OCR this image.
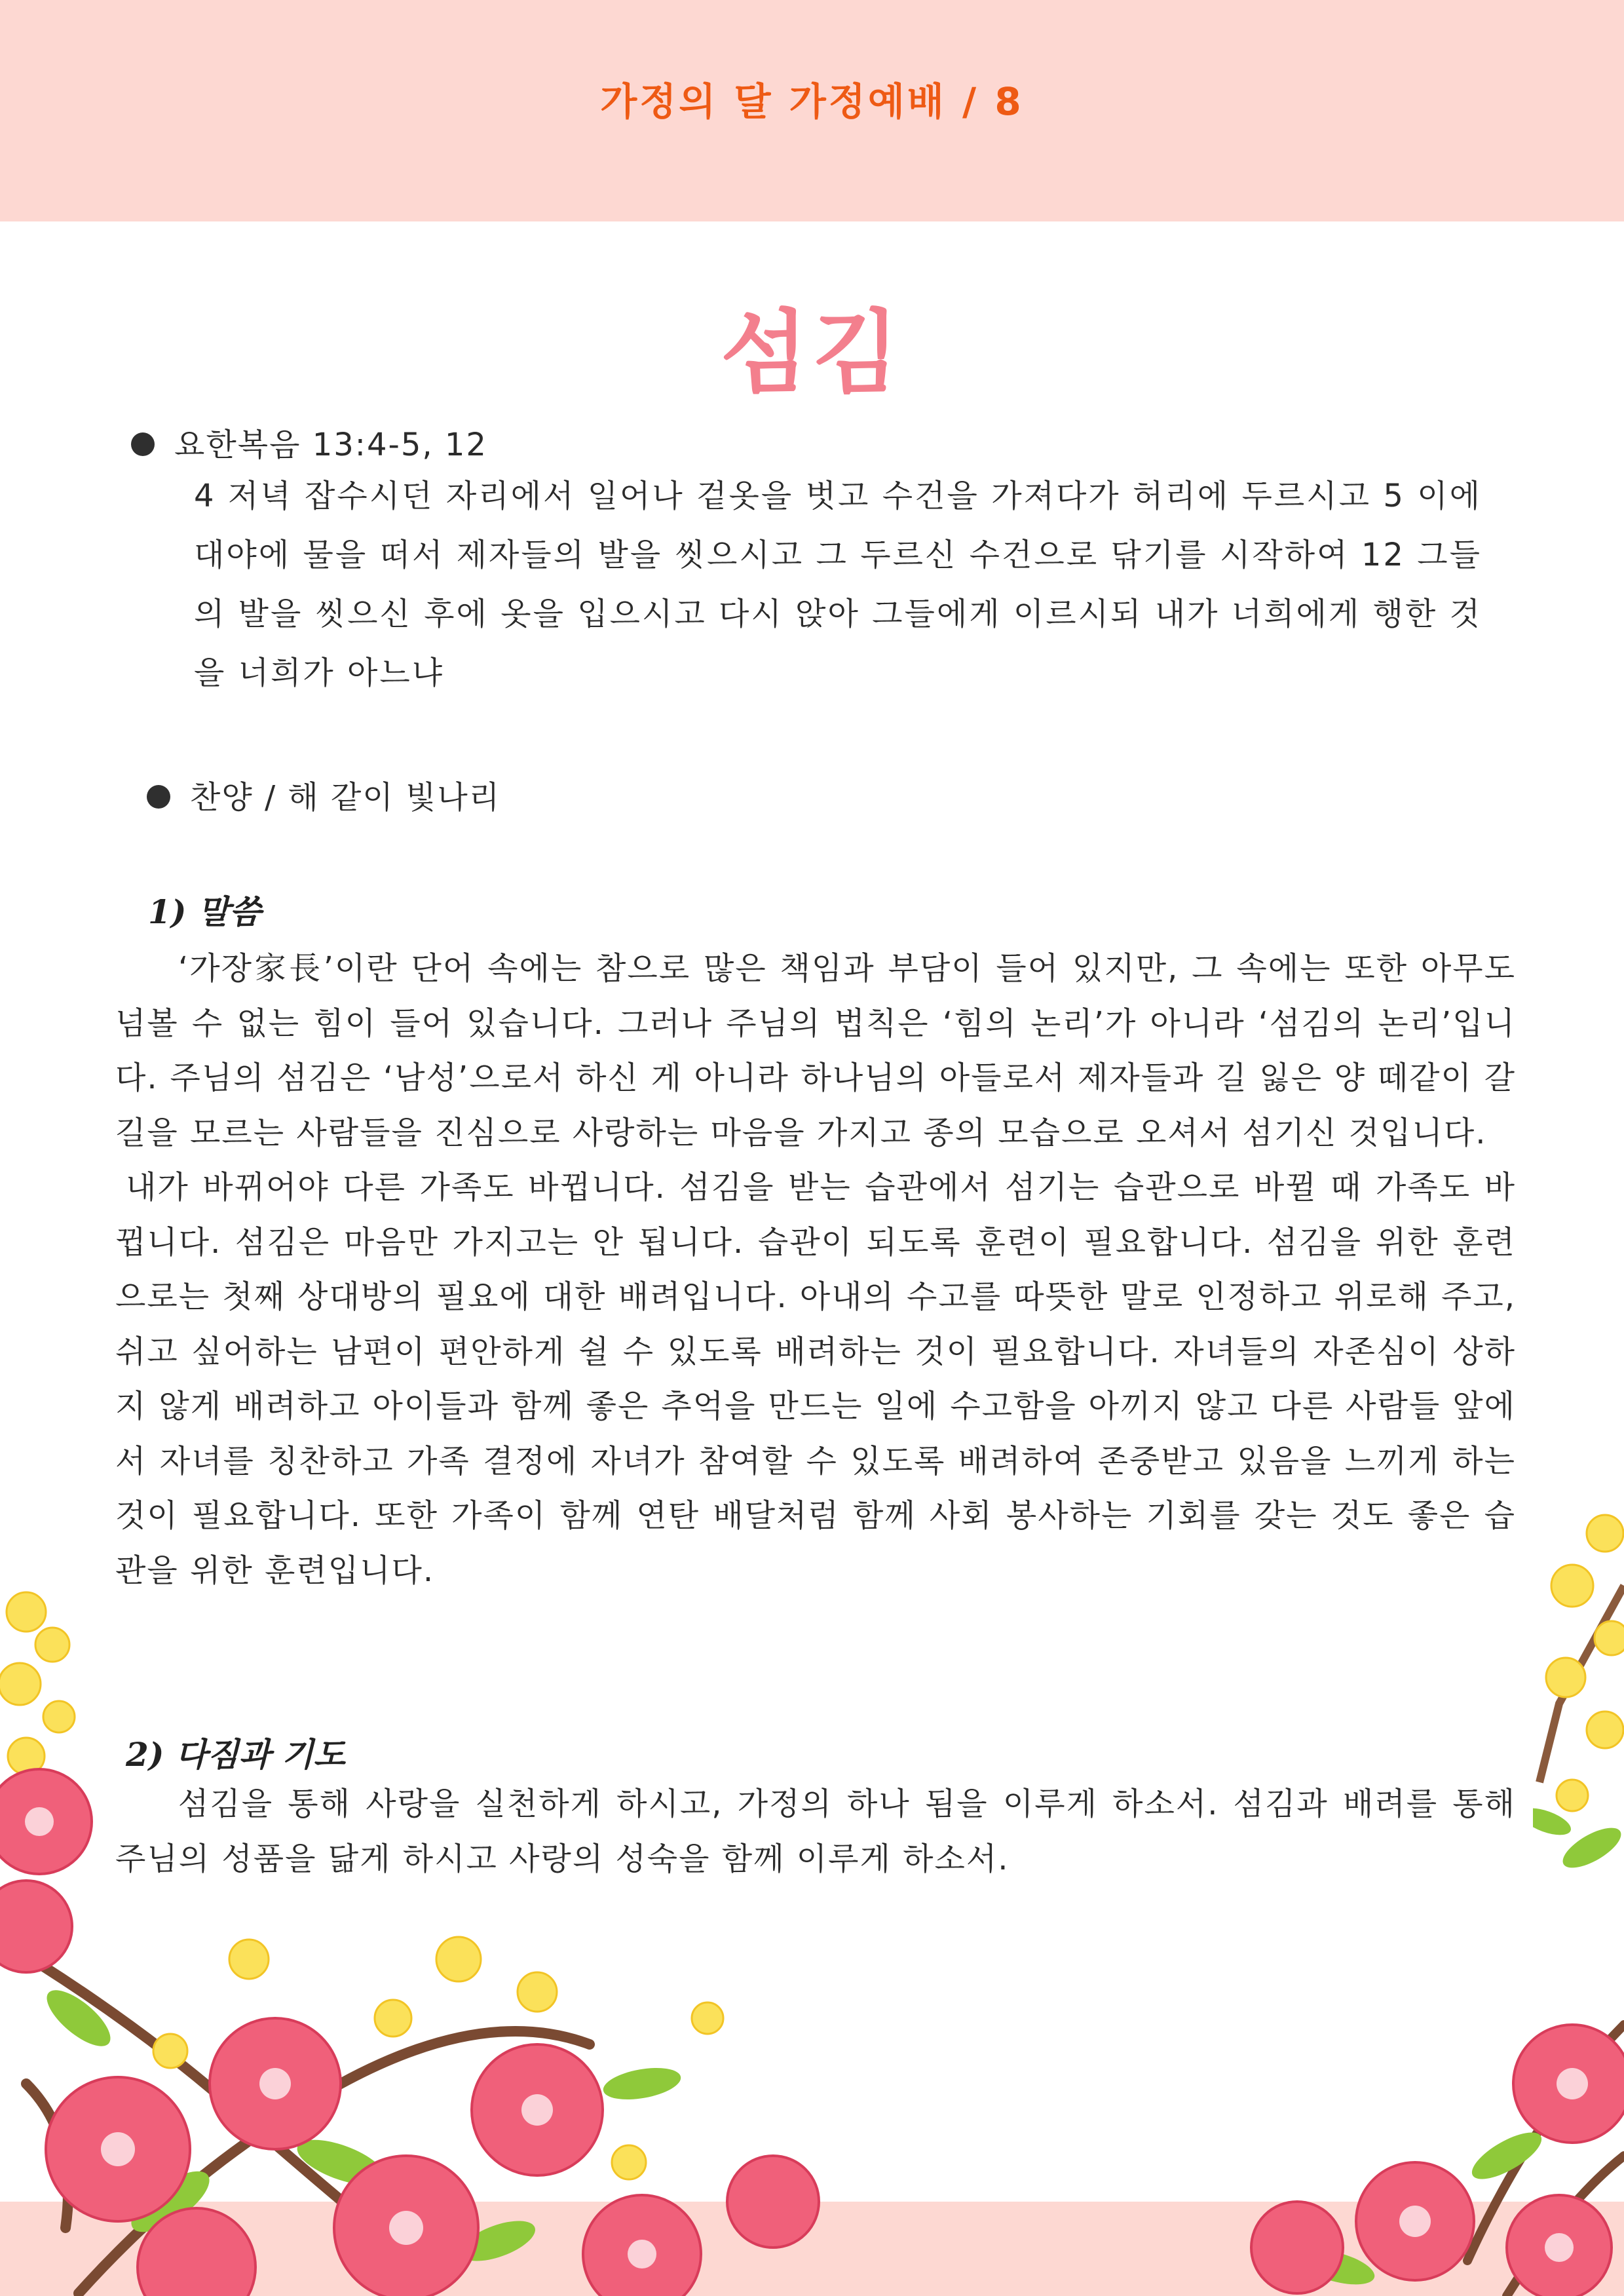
가정의 달 가정예배 / 8
섬김
요한복음 13:4-5, 12
4 저녁 잡수시던 자리에서 일어나 겉옷을 벗고 수건을 가져다가 허리에 두르시고 5 이에 대야에 물을 떠서 제자들의 발을 씻으시고 그 두르신 수건으로 닦기를 시작하여 12 그들의 발을 씻으신 후에 옷을 입으시고 다시 앉아 그들에게 이르시되 내가 너희에게 행한 것을 너희가 아느냐
찬양 / 해 같이 빛나리
1) 말씀

‘가장家長’이란 단어 속에는 참으로 많은 책임과 부담이 들어 있지만, 그 속에는 또한 아무도 넘볼 수 없는 힘이 들어 있습니다. 그러나 주님의 법칙은 ‘힘의 논리’가 아니라 ‘섬김의 논리’입니다. 주님의 섬김은 ‘남성’으로서 하신 게 아니라 하나님의 아들로서 제자들과 길 잃은 양 떼같이 갈 길을 모르는 사람들을 진심으로 사랑하는 마음을 가지고 종의 모습으로 오셔서 섬기신 것입니다.

내가 바뀌어야 다른 가족도 바뀝니다. 섬김을 받는 습관에서 섬기는 습관으로 바뀔 때 가족도 바뀝니다. 섬김은 마음만 가지고는 안 됩니다. 습관이 되도록 훈련이 필요합니다. 섬김을 위한 훈련으로는 첫째 상대방의 필요에 대한 배려입니다. 아내의 수고를 따뜻한 말로 인정하고 위로해 주고, 쉬고 싶어하는 남편이 편안하게 쉴 수 있도록 배려하는 것이 필요합니다. 자녀들의 자존심이 상하지 않게 배려하고 아이들과 함께 좋은 추억을 만드는 일에 수고함을 아끼지 않고 다른 사람들 앞에서 자녀를 칭찬하고 가족 결정에 자녀가 참여할 수 있도록 배려하여 존중받고 있음을 느끼게 하는 것이 필요합니다. 또한 가족이 함께 연탄 배달처럼 함께 사회 봉사하는 기회를 갖는 것도 좋은 습관을 위한 훈련입니다.

2) 다짐과 기도

섬김을 통해 사랑을 실천하게 하시고, 가정의 하나 됨을 이루게 하소서. 섬김과 배려를 통해 주님의 성품을 닮게 하시고 사랑의 성숙을 함께 이루게 하소서.
